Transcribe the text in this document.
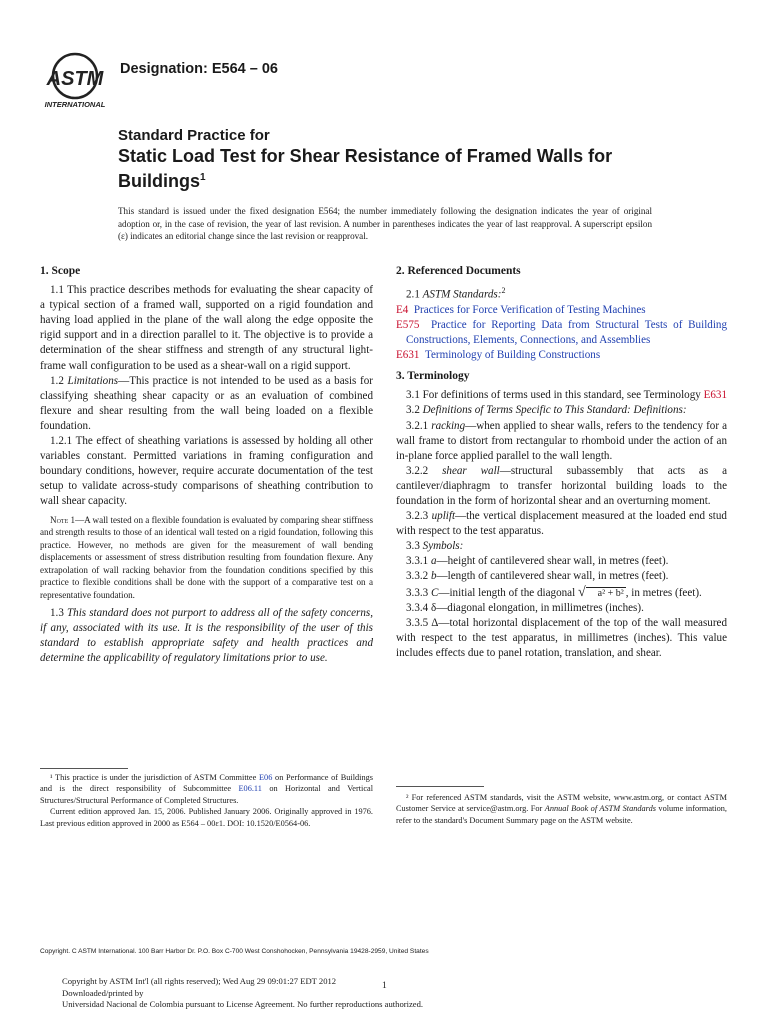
ASTM
INTERNATIONAL
Designation: E564 – 06
Standard Practice for
Static Load Test for Shear Resistance of Framed Walls for Buildings$^1$
This standard is issued under the fixed designation E564; the number immediately following the designation indicates the year of original adoption or, in the case of revision, the year of last revision. A number in parentheses indicates the year of last reapproval. A superscript epsilon (ε) indicates an editorial change since the last revision or reapproval.
1. Scope

1.1 This practice describes methods for evaluating the shear capacity of a typical section of a framed wall, supported on a rigid foundation and having load applied in the plane of the wall along the edge opposite the rigid support and in a direction parallel to it. The objective is to provide a determination of the shear stiffness and strength of any structural light-frame wall configuration to be used as a shear-wall on a rigid support.

1.2 Limitations—This practice is not intended to be used as a basis for classifying sheathing shear capacity or as an evaluation of combined flexure and shear resulting from the wall being loaded on a flexible foundation.

1.2.1 The effect of sheathing variations is assessed by holding all other variables constant. Permitted variations in framing configuration and boundary conditions, however, require accurate documentation of the test setup to validate across-study comparisons of sheathing contribution to wall shear capacity.

Note 1—A wall tested on a flexible foundation is evaluated by comparing shear stiffness and strength results to those of an identical wall tested on a rigid foundation, following this practice. However, no methods are given for the measurement of wall bending displacements or assessment of stress distribution resulting from foundation flexure. Any extrapolation of wall racking behavior from the foundation conditions specified by this practice to flexible conditions shall be done with the support of a comparative test on a representative foundation.

1.3 This standard does not purport to address all of the safety concerns, if any, associated with its use. It is the responsibility of the user of this standard to establish appropriate safety and health practices and determine the applicability of regulatory limitations prior to use.

2. Referenced Documents

2.1 ASTM Standards:$^2$

E4 Practices for Force Verification of Testing Machines
E575 Practice for Reporting Data from Structural Tests of Building Constructions, Elements, Connections, and Assemblies
E631 Terminology of Building Constructions
3. Terminology

3.1 For definitions of terms used in this standard, see Terminology E631

3.2 Definitions of Terms Specific to This Standard: Definitions:

3.2.1 racking—when applied to shear walls, refers to the tendency for a wall frame to distort from rectangular to rhomboid under the action of an in-plane force applied parallel to the wall length.

3.2.2 shear wall—structural subassembly that acts as a cantilever/diaphragm to transfer horizontal building loads to the foundation in the form of horizontal shear and an overturning moment.

3.2.3 uplift—the vertical displacement measured at the loaded end stud with respect to the test apparatus.

3.3 Symbols:

3.3.1 a—height of cantilevered shear wall, in metres (feet).

3.3.2 b—length of cantilevered shear wall, in metres (feet).

3.3.3 C—initial length of the diagonal √ a² + b² , in metres (feet).

3.3.4 δ—diagonal elongation, in millimetres (inches).

3.3.5 Δ—total horizontal displacement of the top of the wall measured with respect to the test apparatus, in millimetres (inches). This value includes effects due to panel rotation, translation, and shear.

¹ This practice is under the jurisdiction of ASTM Committee E06 on Performance of Buildings and is the direct responsibility of Subcommittee E06.11 on Horizontal and Vertical Structures/Structural Performance of Completed Structures.
Current edition approved Jan. 15, 2006. Published January 2006. Originally approved in 1976. Last previous edition approved in 2000 as E564 – 00ε1. DOI: 10.1520/E0564-06.
² For referenced ASTM standards, visit the ASTM website, www.astm.org, or contact ASTM Customer Service at service@astm.org. For Annual Book of ASTM Standards volume information, refer to the standard's Document Summary page on the ASTM website.
Copyright. C ASTM International. 100 Barr Harbor Dr. P.O. Box C-700 West Conshohocken, Pennsylvania 19428-2959, United States
Copyright by ASTM Int'l (all rights reserved); Wed Aug 29 09:01:27 EDT 2012
Downloaded/printed by
Universidad Nacional de Colombia pursuant to License Agreement. No further reproductions authorized.
1
